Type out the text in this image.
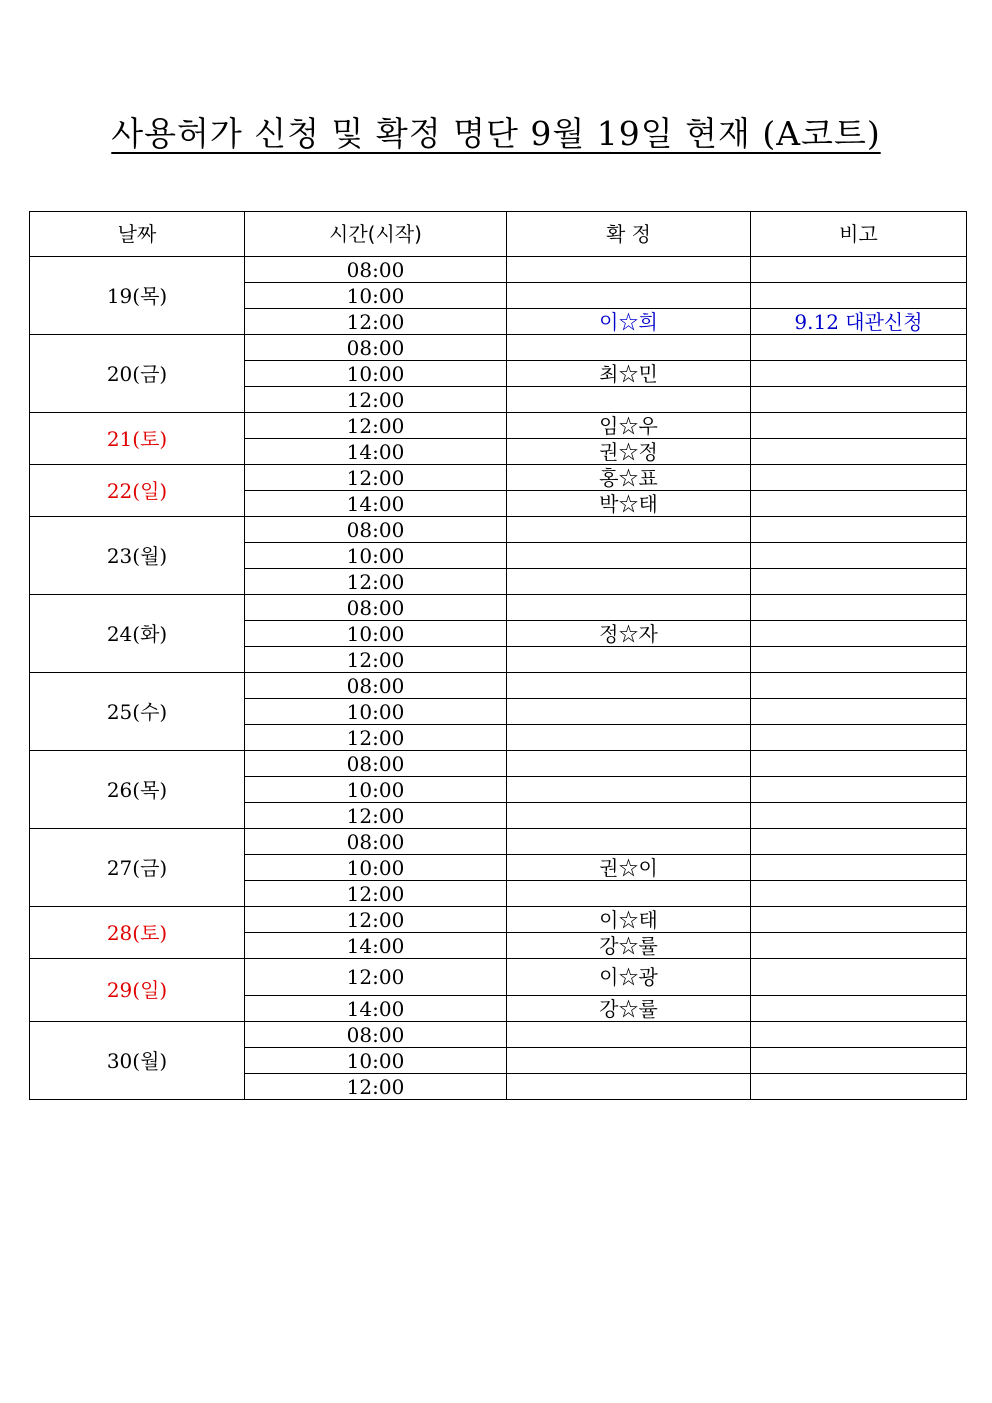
사용허가 신청 및 확정 명단 9월 19일 현재 (A코트)
날짜	시간(시작)	확 정	비고
19(목)	08:00		
	10:00		
	12:00	이☆희	9.12 대관신청
20(금)	08:00		
	10:00	최☆민	
	12:00		
21(토)	12:00	임☆우	
	14:00	권☆정	
22(일)	12:00	홍☆표	
	14:00	박☆태	
23(월)	08:00		
	10:00		
	12:00		
24(화)	08:00		
	10:00	정☆자	
	12:00		
25(수)	08:00		
	10:00		
	12:00		
26(목)	08:00		
	10:00		
	12:00		
27(금)	08:00		
	10:00	권☆이	
	12:00		
28(토)	12:00	이☆태	
	14:00	강☆률	
29(일)	12:00	이☆광	
	14:00	강☆률	
30(월)	08:00		
	10:00		
	12:00		
